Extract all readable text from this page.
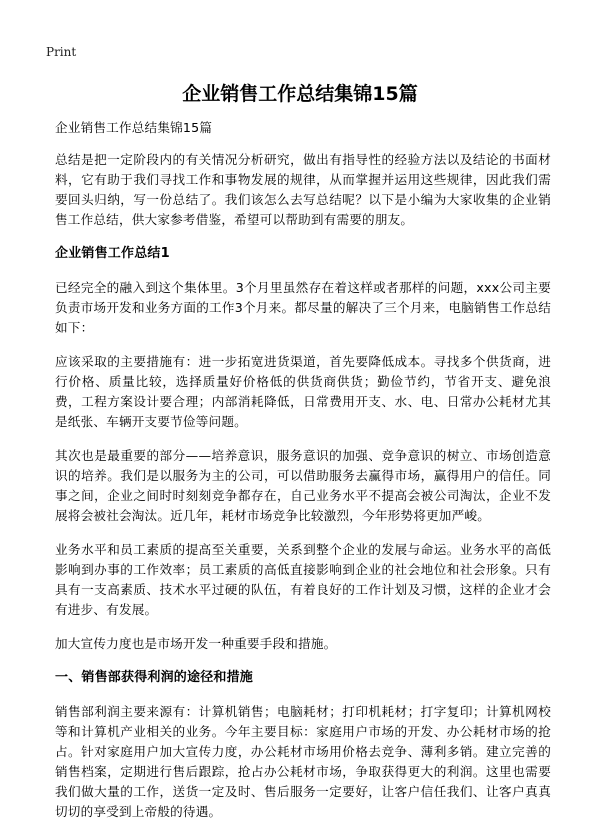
Print
企业销售工作总结集锦15篇

企业销售工作总结集锦15篇

总结是把一定阶段内的有关情况分析研究，做出有指导性的经验方法以及结论的书面材料，它有助于我们寻找工作和事物发展的规律，从而掌握并运用这些规律，因此我们需要回头归纳，写一份总结了。我们该怎么去写总结呢？以下是小编为大家收集的企业销售工作总结，供大家参考借鉴，希望可以帮助到有需要的朋友。

企业销售工作总结1

已经完全的融入到这个集体里。3个月里虽然存在着这样或者那样的问题，xxx公司主要负责市场开发和业务方面的工作3个月来。都尽量的解决了三个月来，电脑销售工作总结如下：

应该采取的主要措施有：进一步拓宽进货渠道，首先要降低成本。寻找多个供货商，进行价格、质量比较，选择质量好价格低的供货商供货；勤俭节约，节省开支、避免浪费，工程方案设计要合理；内部消耗降低，日常费用开支、水、电、日常办公耗材尤其是纸张、车辆开支要节俭等问题。

其次也是最重要的部分——培养意识，服务意识的加强、竞争意识的树立、市场创造意识的培养。我们是以服务为主的公司，可以借助服务去赢得市场，赢得用户的信任。同事之间，企业之间时时刻刻竞争都存在，自己业务水平不提高会被公司淘汰，企业不发展将会被社会淘汰。近几年，耗材市场竞争比较激烈，今年形势将更加严峻。

业务水平和员工素质的提高至关重要，关系到整个企业的发展与命运。业务水平的高低影响到办事的工作效率；员工素质的高低直接影响到企业的社会地位和社会形象。只有具有一支高素质、技术水平过硬的队伍，有着良好的工作计划及习惯，这样的企业才会有进步、有发展。

加大宣传力度也是市场开发一种重要手段和措施。

一、销售部获得利润的途径和措施

销售部利润主要来源有：计算机销售；电脑耗材；打印机耗材；打字复印；计算机网校等和计算机产业相关的业务。今年主要目标：家庭用户市场的开发、办公耗材市场的抢占。针对家庭用户加大宣传力度，办公耗材市场用价格去竞争、薄利多销。建立完善的销售档案，定期进行售后跟踪，抢占办公耗材市场，争取获得更大的利润。这里也需要我们做大量的工作，送货一定及时、售后服务一定要好，让客户信任我们、让客户真真切切的享受到上帝般的待遇。
